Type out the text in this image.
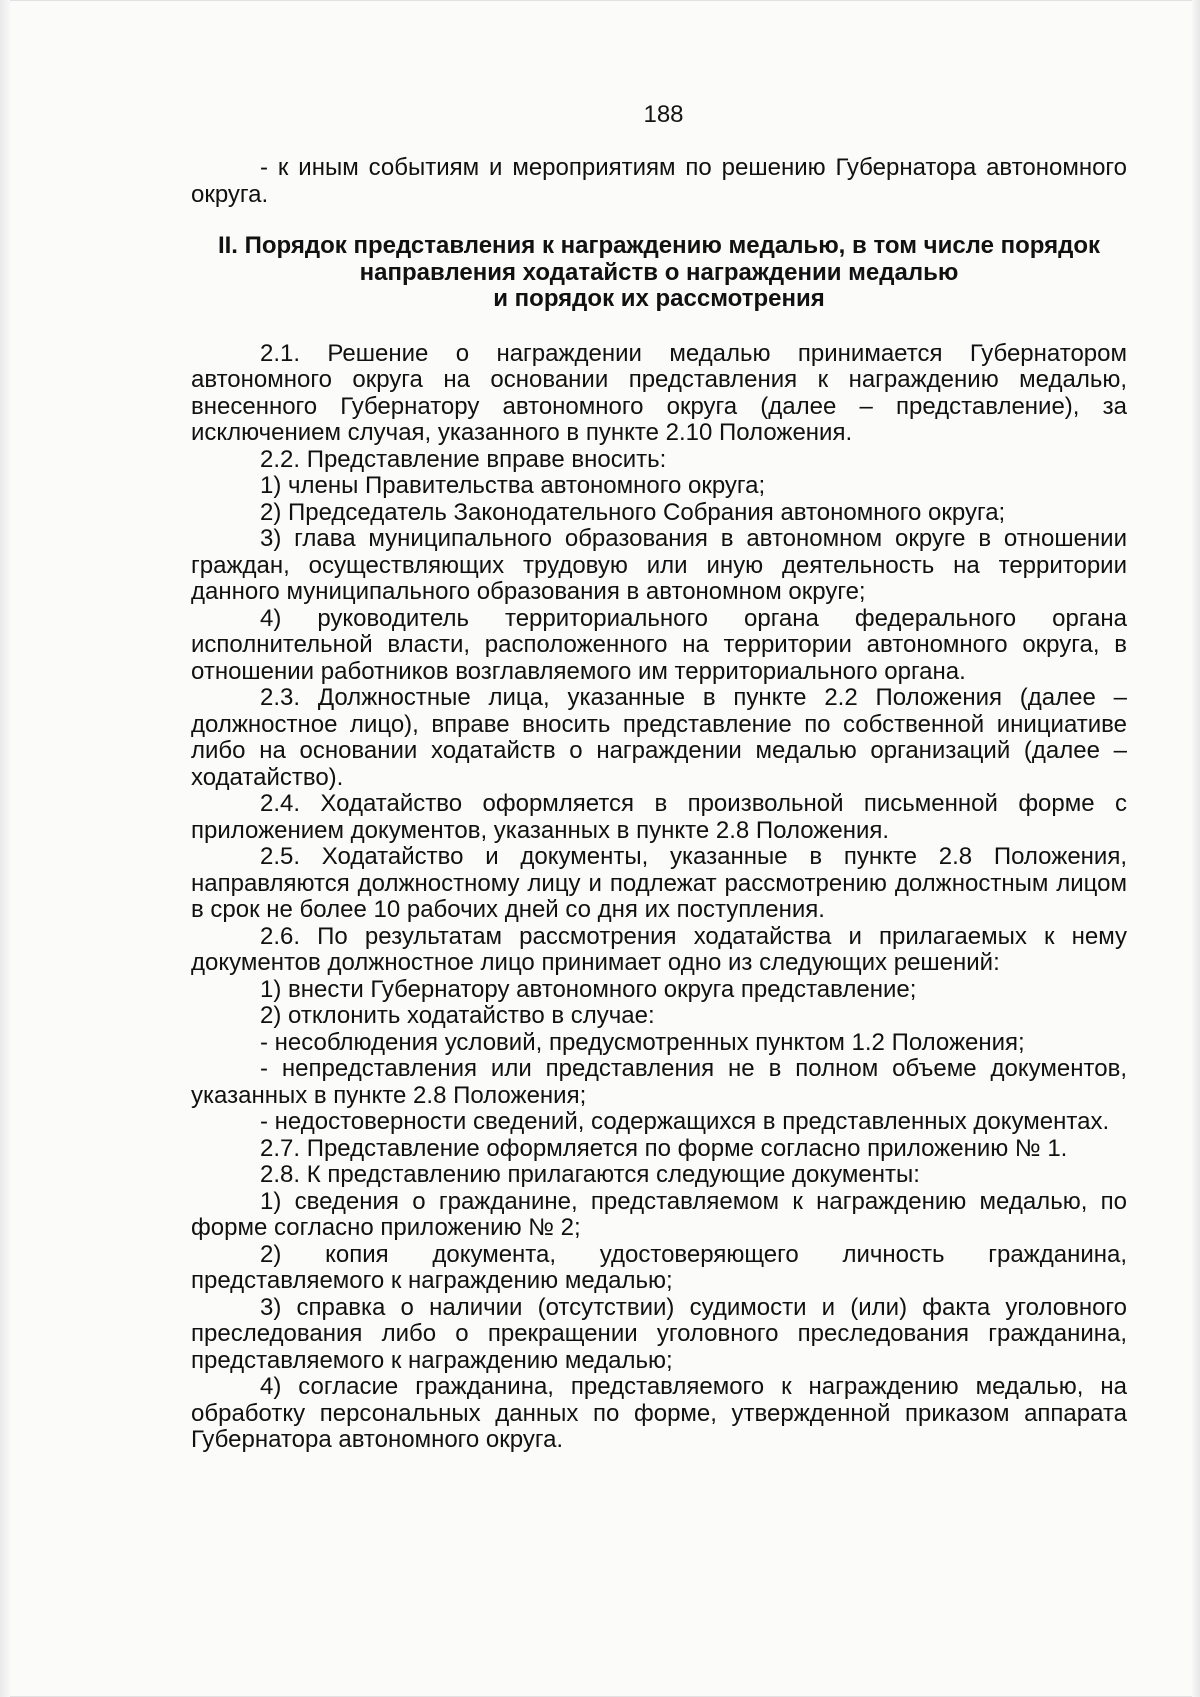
188

- к иным событиям и мероприятиям по решению Губернатора автономного округа.

II. Порядок представления к награждению медалью, в том числе порядок
направления ходатайств о награждении медалью
и порядок их рассмотрения

2.1. Решение о награждении медалью принимается Губернатором автономного округа на основании представления к награждению медалью, внесенного Губернатору автономного округа (далее – представление), за исключением случая, указанного в пункте 2.10 Положения.

2.2. Представление вправе вносить:

1) члены Правительства автономного округа;

2) Председатель Законодательного Собрания автономного округа;

3) глава муниципального образования в автономном округе в отношении граждан, осуществляющих трудовую или иную деятельность на территории данного муниципального образования в автономном округе;

4) руководитель территориального органа федерального органа исполнительной власти, расположенного на территории автономного округа, в отношении работников возглавляемого им территориального органа.

2.3. Должностные лица, указанные в пункте 2.2 Положения (далее – должностное лицо), вправе вносить представление по собственной инициативе либо на основании ходатайств о награждении медалью организаций (далее – ходатайство).

2.4. Ходатайство оформляется в произвольной письменной форме с приложением документов, указанных в пункте 2.8 Положения.

2.5. Ходатайство и документы, указанные в пункте 2.8 Положения, направляются должностному лицу и подлежат рассмотрению должностным лицом в срок не более 10 рабочих дней со дня их поступления.

2.6. По результатам рассмотрения ходатайства и прилагаемых к нему документов должностное лицо принимает одно из следующих решений:

1) внести Губернатору автономного округа представление;

2) отклонить ходатайство в случае:

- несоблюдения условий, предусмотренных пунктом 1.2 Положения;

- непредставления или представления не в полном объеме документов, указанных в пункте 2.8 Положения;

- недостоверности сведений, содержащихся в представленных документах.

2.7. Представление оформляется по форме согласно приложению № 1.

2.8. К представлению прилагаются следующие документы:

1) сведения о гражданине, представляемом к награждению медалью, по форме согласно приложению № 2;

2) копия документа, удостоверяющего личность гражданина, представляемого к награждению медалью;

3) справка о наличии (отсутствии) судимости и (или) факта уголовного преследования либо о прекращении уголовного преследования гражданина, представляемого к награждению медалью;

4) согласие гражданина, представляемого к награждению медалью, на обработку персональных данных по форме, утвержденной приказом аппарата Губернатора автономного округа.
